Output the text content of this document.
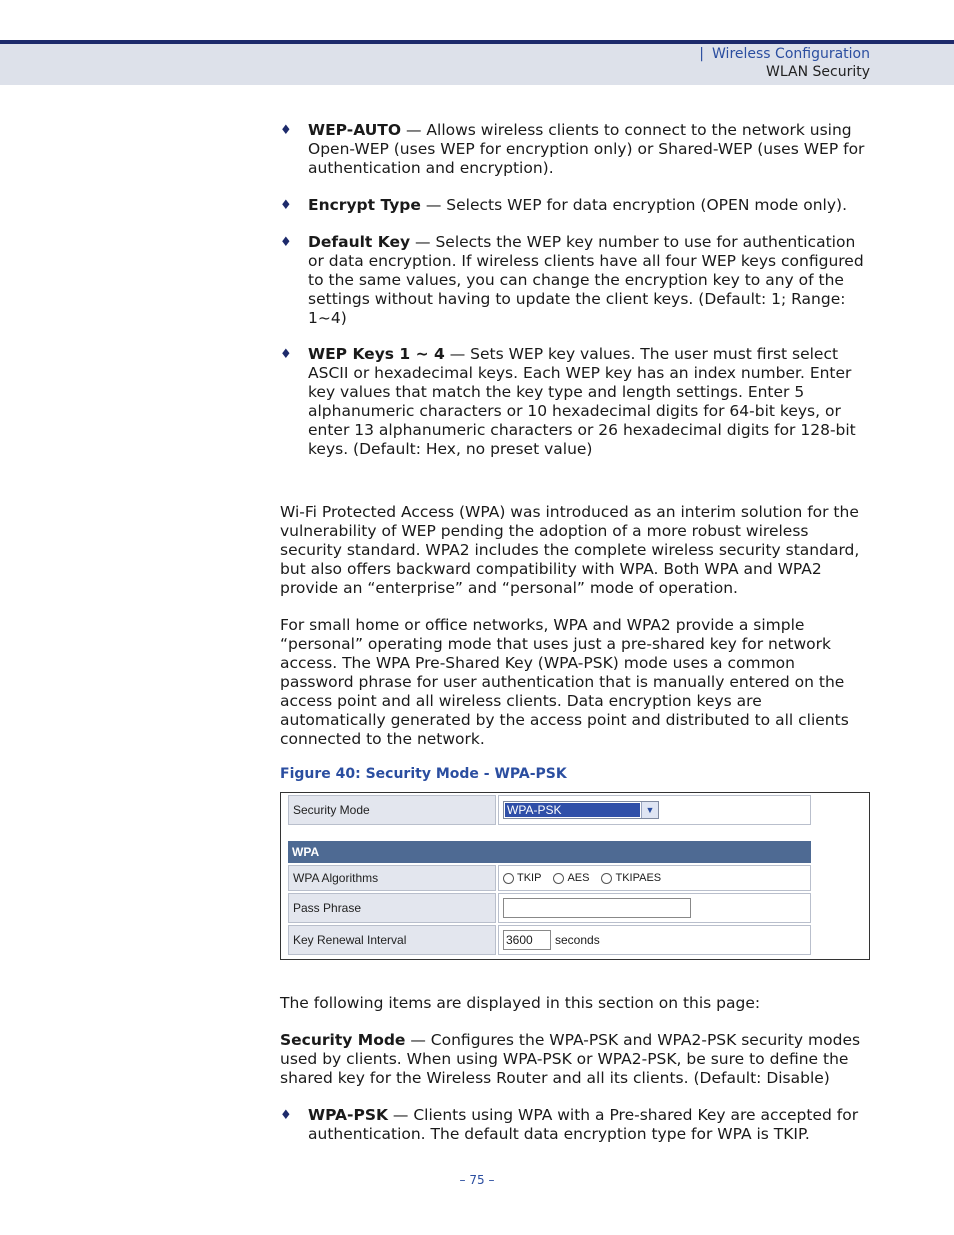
| Wireless Configuration
WLAN Security
♦ WEP-AUTO — Allows wireless clients to connect to the network using Open-WEP (uses WEP for encryption only) or Shared-WEP (uses WEP for authentication and encryption).
♦ Encrypt Type — Selects WEP for data encryption (OPEN mode only).
♦ Default Key — Selects the WEP key number to use for authentication or data encryption. If wireless clients have all four WEP keys configured to the same values, you can change the encryption key to any of the settings without having to update the client keys. (Default: 1; Range: 1~4)
♦ WEP Keys 1 ~ 4 — Sets WEP key values. The user must first select ASCII or hexadecimal keys. Each WEP key has an index number. Enter key values that match the key type and length settings. Enter 5 alphanumeric characters or 10 hexadecimal digits for 64-bit keys, or enter 13 alphanumeric characters or 26 hexadecimal digits for 128-bit keys. (Default: Hex, no preset value)
Wi-Fi Protected Access (WPA) was introduced as an interim solution for the vulnerability of WEP pending the adoption of a more robust wireless security standard. WPA2 includes the complete wireless security standard, but also offers backward compatibility with WPA. Both WPA and WPA2 provide an “enterprise” and “personal” mode of operation.
For small home or office networks, WPA and WPA2 provide a simple “personal” operating mode that uses just a pre-shared key for network access. The WPA Pre-Shared Key (WPA-PSK) mode uses a common password phrase for user authentication that is manually entered on the access point and all wireless clients. Data encryption keys are automatically generated by the access point and distributed to all clients connected to the network.
Figure 40: Security Mode - WPA-PSK
Security Mode	WPA-PSK	▼
WPA
WPA Algorithms	TKIP AES TKIPAES
Pass Phrase
Key Renewal Interval	3600	seconds
The following items are displayed in this section on this page:
Security Mode — Configures the WPA-PSK and WPA2-PSK security modes used by clients. When using WPA-PSK or WPA2-PSK, be sure to define the shared key for the Wireless Router and all its clients. (Default: Disable)
♦ WPA-PSK — Clients using WPA with a Pre-shared Key are accepted for authentication. The default data encryption type for WPA is TKIP.
– 75 –
